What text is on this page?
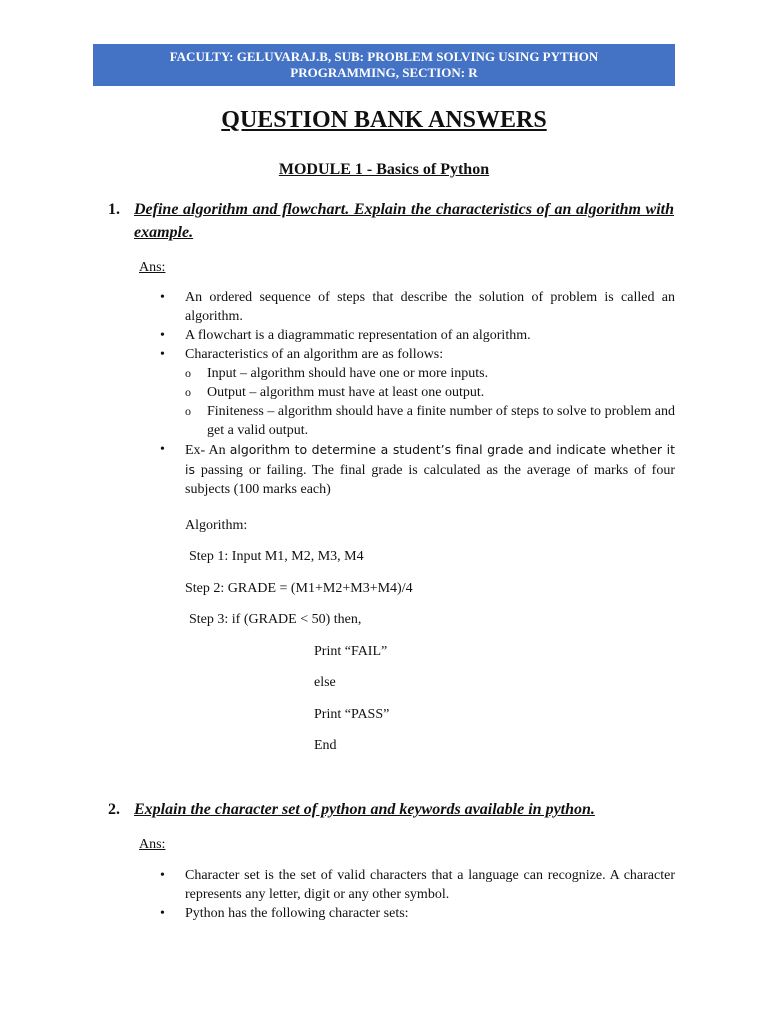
FACULTY: GELUVARAJ.B, SUB: PROBLEM SOLVING USING PYTHON
PROGRAMMING, SECTION: R
QUESTION BANK ANSWERS
MODULE 1 - Basics of Python
1. Define algorithm and flowchart. Explain the characteristics of an algorithm with example.
Ans:
• An ordered sequence of steps that describe the solution of problem is called an algorithm.
• A flowchart is a diagrammatic representation of an algorithm.
• Characteristics of an algorithm are as follows:
o Input – algorithm should have one or more inputs.
o Output – algorithm must have at least one output.
o Finiteness – algorithm should have a finite number of steps to solve to problem and get a valid output.
• Ex- An algorithm to determine a student’s final grade and indicate whether it is passing or failing. The final grade is calculated as the average of marks of four subjects (100 marks each)
Algorithm:
Step 1: Input M1, M2, M3, M4
Step 2: GRADE = (M1+M2+M3+M4)/4
Step 3: if (GRADE < 50) then,
Print “FAIL”
else
Print “PASS”
End
2. Explain the character set of python and keywords available in python.
Ans:
• Character set is the set of valid characters that a language can recognize. A character represents any letter, digit or any other symbol.
• Python has the following character sets:
